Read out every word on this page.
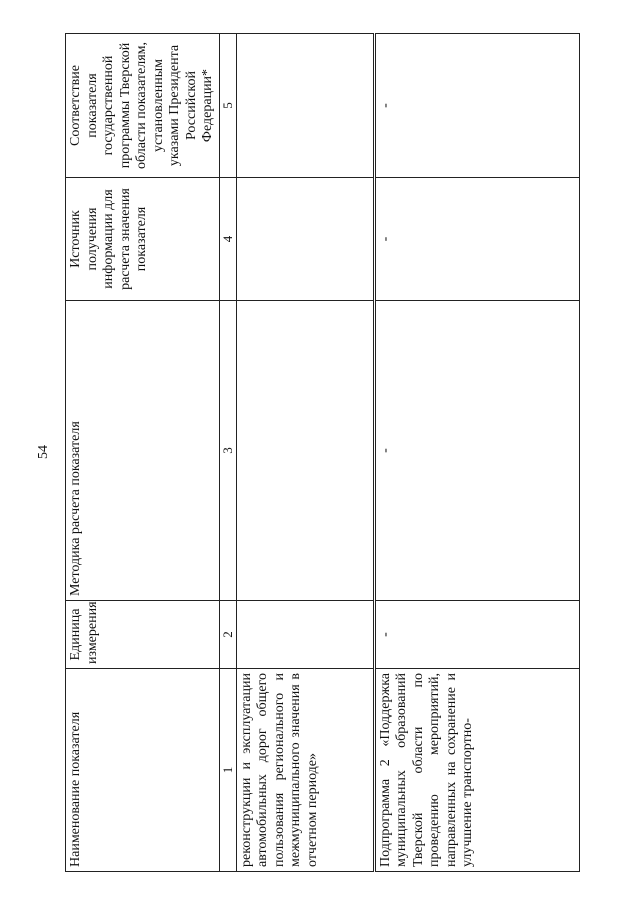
54
Наименование показателя	Единица измерения	Методика расчета показателя	Источник получения информации для расчета значения показателя	Соответствие показателя государственной программы Тверской области показателям, установленным указами Президента Российской Федерации*
1	2	3	4	5
реконструкции и эксплуатации автомобильных дорог общего пользования регионального и межмуниципального значения в отчетном периоде»				
Подпрограмма 2 «Поддержка муниципальных образований Тверской области по проведению мероприятий, направленных на сохранение и улучшение транспортно-	-	-	-	-
